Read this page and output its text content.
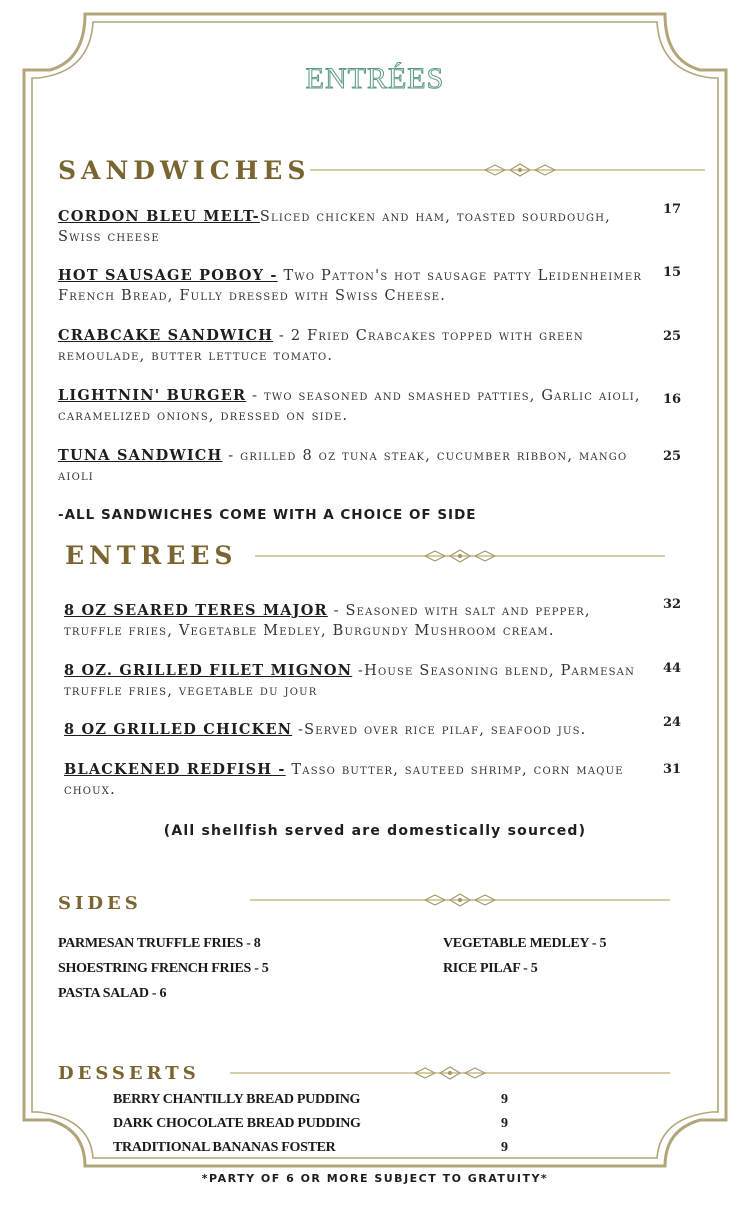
ENTRÉES
SANDWICHES
CORDON BLEU MELT-Sliced chicken and ham, toasted sourdough, Swiss cheese
17
HOT SAUSAGE POBOY - Two Patton's hot sausage patty Leidenheimer French Bread, Fully dressed with Swiss Cheese.
15
CRABCAKE SANDWICH - 2 Fried Crabcakes topped with green remoulade, butter lettuce tomato.
25
LIGHTNIN' BURGER - two seasoned and smashed patties, Garlic aioli, caramelized onions, dressed on side.
16
TUNA SANDWICH - grilled 8 oz tuna steak, cucumber ribbon, mango aioli
25
-ALL SANDWICHES COME WITH A CHOICE OF SIDE
ENTREES
8 OZ SEARED TERES MAJOR - Seasoned with salt and pepper, truffle fries, Vegetable Medley, Burgundy Mushroom cream.
32
8 OZ. GRILLED FILET MIGNON -House Seasoning blend, Parmesan truffle fries, vegetable du jour
44
8 OZ GRILLED CHICKEN -Served over rice pilaf, seafood jus.	24
BLACKENED REDFISH - Tasso butter, sauteed shrimp, corn maque choux.
31
(All shellfish served are domestically sourced)
SIDES
PARMESAN TRUFFLE FRIES - 8
SHOESTRING FRENCH FRIES - 5
PASTA SALAD - 6
VEGETABLE MEDLEY - 5
RICE PILAF - 5
DESSERTS
BERRY CHANTILLY BREAD PUDDING	9
DARK CHOCOLATE BREAD PUDDING	9
TRADITIONAL BANANAS FOSTER	9
*PARTY OF 6 OR MORE SUBJECT TO GRATUITY*
